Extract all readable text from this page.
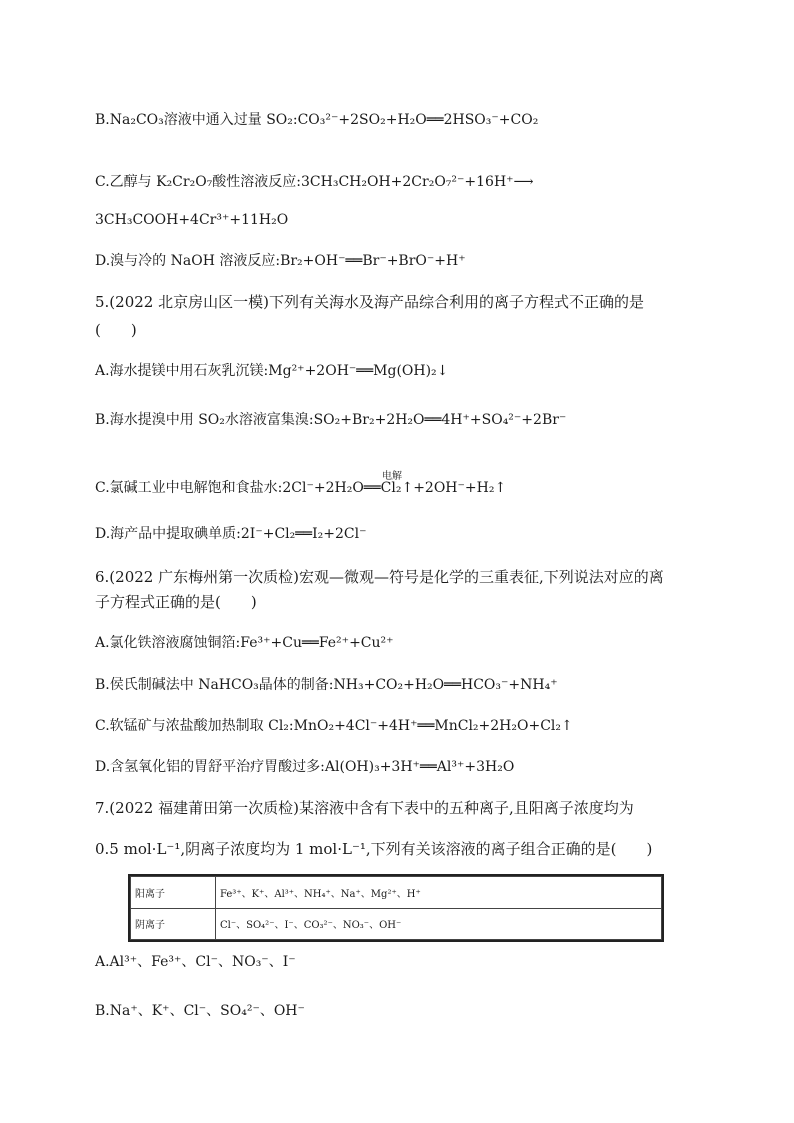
B.Na₂CO₃溶液中通入过量 SO₂:CO₃²⁻+2SO₂+H₂O══2HSO₃⁻+CO₂
C.乙醇与 K₂Cr₂O₇酸性溶液反应:3CH₃CH₂OH+2Cr₂O₇²⁻+16H⁺⟶
3CH₃COOH+4Cr³⁺+11H₂O
D.溴与冷的 NaOH 溶液反应:Br₂+OH⁻══Br⁻+BrO⁻+H⁺
5.(2022 北京房山区一模)下列有关海水及海产品综合利用的离子方程式不正确的是
(　　)
A.海水提镁中用石灰乳沉镁:Mg²⁺+2OH⁻══Mg(OH)₂↓
B.海水提溴中用 SO₂水溶液富集溴:SO₂+Br₂+2H₂O══4H⁺+SO₄²⁻+2Br⁻
电解
C.氯碱工业中电解饱和食盐水:2Cl⁻+2H₂O══Cl₂↑+2OH⁻+H₂↑
D.海产品中提取碘单质:2I⁻+Cl₂══I₂+2Cl⁻
6.(2022 广东梅州第一次质检)宏观—微观—符号是化学的三重表征,下列说法对应的离
子方程式正确的是(　　)
A.氯化铁溶液腐蚀铜箔:Fe³⁺+Cu══Fe²⁺+Cu²⁺
B.侯氏制碱法中 NaHCO₃晶体的制备:NH₃+CO₂+H₂O══HCO₃⁻+NH₄⁺
C.软锰矿与浓盐酸加热制取 Cl₂:MnO₂+4Cl⁻+4H⁺══MnCl₂+2H₂O+Cl₂↑
D.含氢氧化铝的胃舒平治疗胃酸过多:Al(OH)₃+3H⁺══Al³⁺+3H₂O
7.(2022 福建莆田第一次质检)某溶液中含有下表中的五种离子,且阳离子浓度均为
0.5 mol·L⁻¹,阴离子浓度均为 1 mol·L⁻¹,下列有关该溶液的离子组合正确的是(　　)
阳离子	Fe³⁺、K⁺、Al³⁺、NH₄⁺、Na⁺、Mg²⁺、H⁺
阴离子	Cl⁻、SO₄²⁻、I⁻、CO₃²⁻、NO₃⁻、OH⁻
A.Al³⁺、Fe³⁺、Cl⁻、NO₃⁻、I⁻
B.Na⁺、K⁺、Cl⁻、SO₄²⁻、OH⁻
